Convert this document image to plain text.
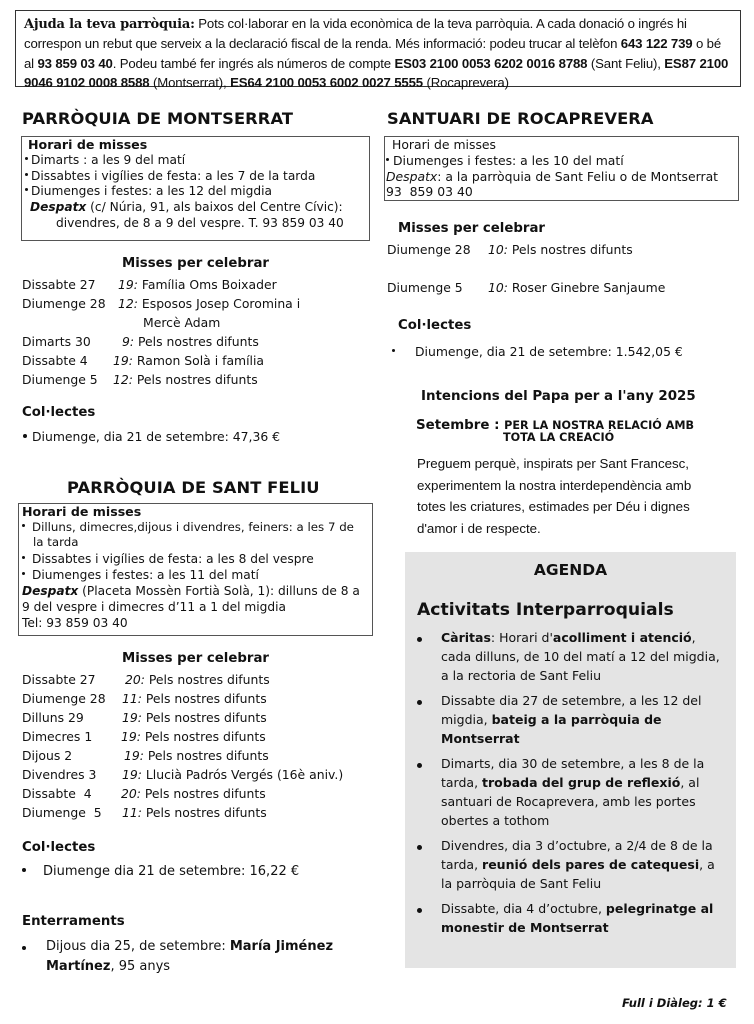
Ajuda la teva parròquia: Pots col·laborar en la vida econòmica de la teva parròquia. A cada donació o ingrés hi correspon un rebut que serveix a la declaració fiscal de la renda. Més informació: podeu trucar al telèfon 643 122 739 o bé al 93 859 03 40. Podeu també fer ingrés als números de compte ES03 2100 0053 6202 0016 8788 (Sant Feliu), ES87 2100 9046 9102 0008 8588 (Montserrat), ES64 2100 0053 6002 0027 5555 (Rocaprevera)
PARRÒQUIA DE MONTSERRAT
Horari de misses
Dimarts : a les 9 del matí
Dissabtes i vigílies de festa: a les 7 de la tarda
Diumenges i festes: a les 12 del migdia
Despatx (c/ Núria, 91, als baixos del Centre Cívic):
divendres, de 8 a 9 del vespre. T. 93 859 03 40
Misses per celebrar
Dissabte 27 19: Família Oms Boixader
Diumenge 28 12: Esposos Josep Coromina i
Mercè Adam
Dimarts 30	9: Pels nostres difunts
Dissabte 4 19: Ramon Solà i família
Diumenge 5 12: Pels nostres difunts
Col·lectes
Diumenge, dia 21 de setembre: 47,36 €
PARRÒQUIA DE SANT FELIU
Horari de misses
Dilluns, dimecres,dijous i divendres, feiners: a les 7 de
la tarda
Dissabtes i vigílies de festa: a les 8 del vespre
Diumenges i festes: a les 11 del matí
Despatx (Placeta Mossèn Fortià Solà, 1): dilluns de 8 a
9 del vespre i dimecres d’11 a 1 del migdia
Tel: 93 859 03 40
Misses per celebrar
Dissabte 27 20: Pels nostres difunts
Diumenge 28 11: Pels nostres difunts
Dilluns 29	19: Pels nostres difunts
Dimecres 1 19: Pels nostres difunts
Dijous 2	19: Pels nostres difunts
Divendres 3 19: Llucià Padrós Vergés (16è aniv.)
Dissabte  4 20: Pels nostres difunts
Diumenge  5 11: Pels nostres difunts
Col·lectes
Diumenge dia 21 de setembre: 16,22 €
Enterraments
Dijous dia 25, de setembre: María Jiménez
Martínez, 95 anys
SANTUARI DE ROCAPREVERA
Horari de misses
Diumenges i festes: a les 10 del matí
Despatx: a la parròquia de Sant Feliu o de Montserrat
93  859 03 40
Misses per celebrar
Diumenge 28 10: Pels nostres difunts
Diumenge 5 10: Roser Ginebre Sanjaume
Col·lectes
Diumenge, dia 21 de setembre: 1.542,05 €
Intencions del Papa per a l'any 2025
Setembre : PER LA NOSTRA RELACIÓ AMB
TOTA LA CREACIÓ
Preguem perquè, inspirats per Sant Francesc,
experimentem la nostra interdependència amb
totes les criatures, estimades per Déu i dignes
d'amor i de respecte.
AGENDA
Activitats Interparroquials
Càritas: Horari d'acolliment i atenció, cada dilluns, de 10 del matí a 12 del migdia, a la rectoria de Sant Feliu
Dissabte dia 27 de setembre, a les 12 del migdia, bateig a la parròquia de Montserrat
Dimarts, dia 30 de setembre, a les 8 de la tarda, trobada del grup de reflexió, al santuari de Rocaprevera, amb les portes obertes a tothom
Divendres, dia 3 d’octubre, a 2/4 de 8 de la tarda, reunió dels pares de catequesi, a la parròquia de Sant Feliu
Dissabte, dia 4 d’octubre, pelegrinatge al monestir de Montserrat
Full i Diàleg: 1 €
